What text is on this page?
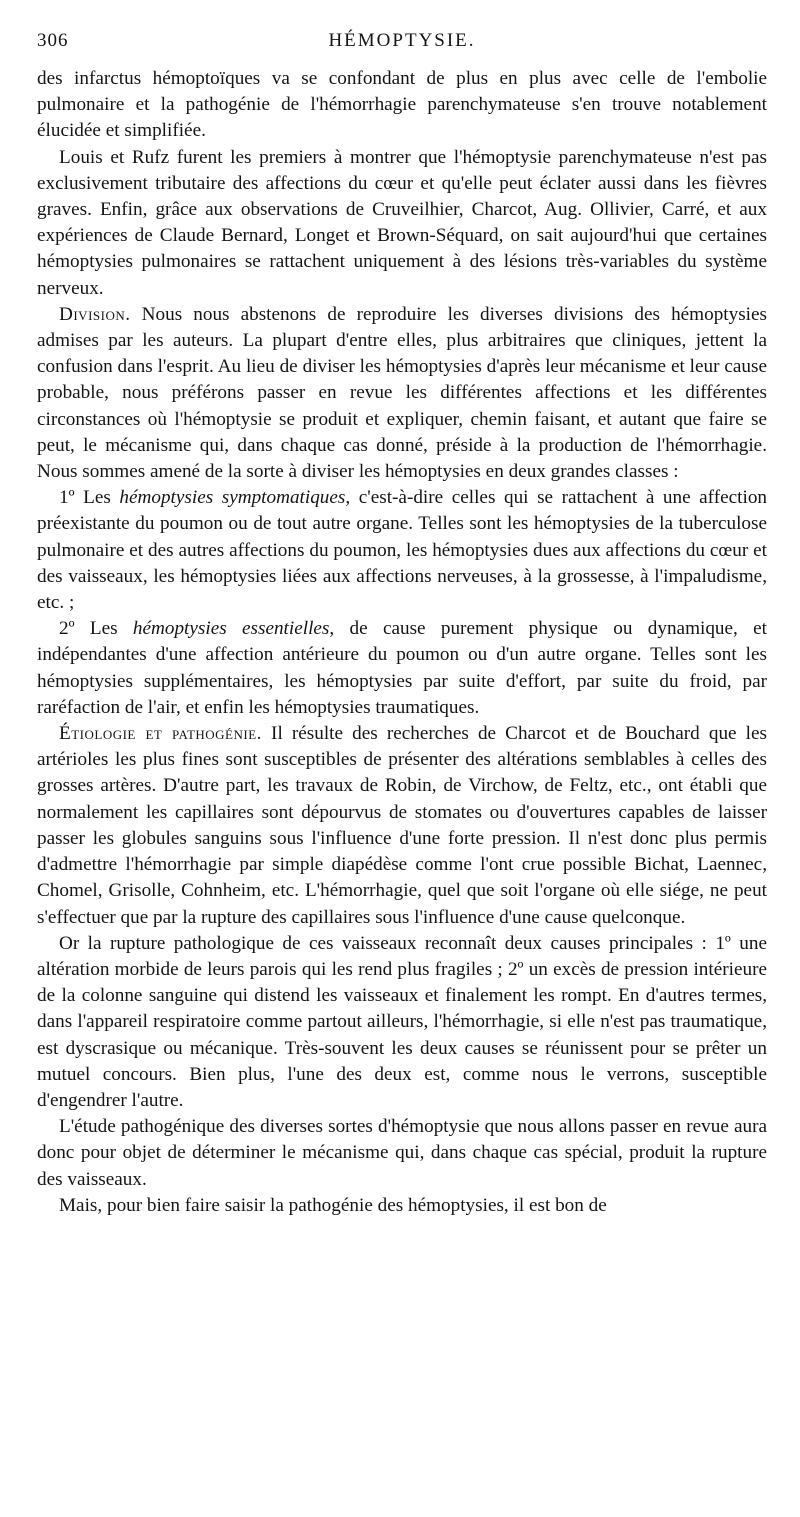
306	HÉMOPTYSIE.

des infarctus hémoptoïques va se confondant de plus en plus avec celle de l'embolie pulmonaire et la pathogénie de l'hémorrhagie parenchymateuse s'en trouve notablement élucidée et simplifiée.

Louis et Rufz furent les premiers à montrer que l'hémoptysie parenchymateuse n'est pas exclusivement tributaire des affections du cœur et qu'elle peut éclater aussi dans les fièvres graves. Enfin, grâce aux observations de Cruveilhier, Charcot, Aug. Ollivier, Carré, et aux expériences de Claude Bernard, Longet et Brown-Séquard, on sait aujourd'hui que certaines hémoptysies pulmonaires se rattachent uniquement à des lésions très-variables du système nerveux.

Division. Nous nous abstenons de reproduire les diverses divisions des hémoptysies admises par les auteurs. La plupart d'entre elles, plus arbitraires que cliniques, jettent la confusion dans l'esprit. Au lieu de diviser les hémoptysies d'après leur mécanisme et leur cause probable, nous préférons passer en revue les différentes affections et les différentes circonstances où l'hémoptysie se produit et expliquer, chemin faisant, et autant que faire se peut, le mécanisme qui, dans chaque cas donné, préside à la production de l'hémorrhagie. Nous sommes amené de la sorte à diviser les hémoptysies en deux grandes classes :

1º Les hémoptysies symptomatiques, c'est-à-dire celles qui se rattachent à une affection préexistante du poumon ou de tout autre organe. Telles sont les hémoptysies de la tuberculose pulmonaire et des autres affections du poumon, les hémoptysies dues aux affections du cœur et des vaisseaux, les hémoptysies liées aux affections nerveuses, à la grossesse, à l'impaludisme, etc. ;

2º Les hémoptysies essentielles, de cause purement physique ou dynamique, et indépendantes d'une affection antérieure du poumon ou d'un autre organe. Telles sont les hémoptysies supplémentaires, les hémoptysies par suite d'effort, par suite du froid, par raréfaction de l'air, et enfin les hémoptysies traumatiques.

Étiologie et pathogénie. Il résulte des recherches de Charcot et de Bouchard que les artérioles les plus fines sont susceptibles de présenter des altérations semblables à celles des grosses artères. D'autre part, les travaux de Robin, de Virchow, de Feltz, etc., ont établi que normalement les capillaires sont dépourvus de stomates ou d'ouvertures capables de laisser passer les globules sanguins sous l'influence d'une forte pression. Il n'est donc plus permis d'admettre l'hémorrhagie par simple diapédèse comme l'ont crue possible Bichat, Laennec, Chomel, Grisolle, Cohnheim, etc. L'hémorrhagie, quel que soit l'organe où elle siége, ne peut s'effectuer que par la rupture des capillaires sous l'influence d'une cause quelconque.

Or la rupture pathologique de ces vaisseaux reconnaît deux causes principales : 1º une altération morbide de leurs parois qui les rend plus fragiles ; 2º un excès de pression intérieure de la colonne sanguine qui distend les vaisseaux et finalement les rompt. En d'autres termes, dans l'appareil respiratoire comme partout ailleurs, l'hémorrhagie, si elle n'est pas traumatique, est dyscrasique ou mécanique. Très-souvent les deux causes se réunissent pour se prêter un mutuel concours. Bien plus, l'une des deux est, comme nous le verrons, susceptible d'engendrer l'autre.

L'étude pathogénique des diverses sortes d'hémoptysie que nous allons passer en revue aura donc pour objet de déterminer le mécanisme qui, dans chaque cas spécial, produit la rupture des vaisseaux.

Mais, pour bien faire saisir la pathogénie des hémoptysies, il est bon de
